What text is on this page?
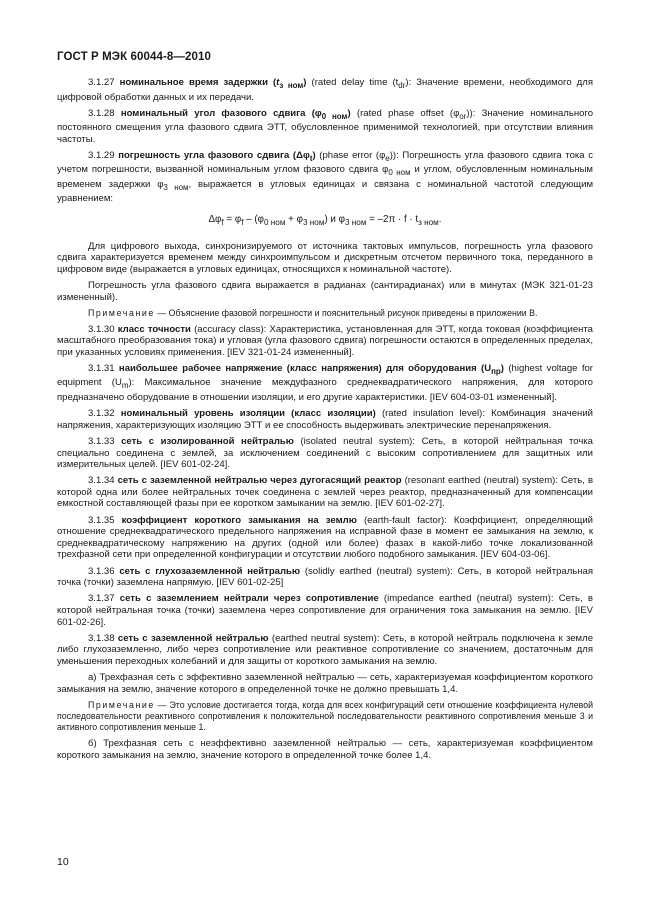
ГОСТ Р МЭК 60044-8—2010

3.1.27 номинальное время задержки $(t_{з ном})$ (rated delay time $(t_{dr})$: Значение времени, необходимого для цифровой обработки данных и их передачи.

3.1.28 номинальный угол фазового сдвига $(\varphi_{0 ном})$ (rated phase offset $(\varphi_{or})$): Значение номинального постоянного смещения угла фазового сдвига ЭТТ, обусловленное применимой технологией, при отсутствии влияния частоты.

3.1.29 погрешность угла фазового сдвига $(\Delta\varphi_t)$ (phase error $(\varphi_e)$): Погрешность угла фазового сдвига тока с учетом погрешности, вызванной номинальным углом фазового сдвига $\varphi_{0 ном}$ и углом, обусловленным номинальным временем задержки $\varphi_{3 ном}$, выражается в угловых единицах и связана с номинальной частотой следующим уравнением:

$\Delta\varphi_f = \varphi_f - (\varphi_{0 ном} + \varphi_{3 ном})$ и $\varphi_{3 ном} = -2\pi \cdot f \cdot t_{з ном}$.

Для цифрового выхода, синхронизируемого от источника тактовых импульсов, погрешность угла фазового сдвига характеризуется временем между синхроимпульсом и дискретным отсчетом первичного тока, переданного в цифровом виде (выражается в угловых единицах, относящихся к номинальной частоте).

Погрешность угла фазового сдвига выражается в радианах (сантирадианах) или в минутах (МЭК 321-01-23 измененный).

Примечание — Объяснение фазовой погрешности и пояснительный рисунок приведены в приложении В.

3.1.30 класс точности (accuracy class): Характеристика, установленная для ЭТТ, когда токовая (коэффициента масштабного преобразования тока) и угловая (угла фазового сдвига) погрешности остаются в определенных пределах, при указанных условиях применения. [IEV 321-01-24 измененный].

3.1.31 наибольшее рабочее напряжение (класс напряжения) для оборудования $(U_{пр})$ (highest voltage for equipment $(U_m)$: Максимальное значение междуфазного среднеквадратического напряжения, для которого предназначено оборудование в отношении изоляции, и его другие характеристики. [IEV 604-03-01 измененный].

3.1.32 номинальный уровень изоляции (класс изоляции) (rated insulation level): Комбинация значений напряжения, характеризующих изоляцию ЭТТ и ее способность выдерживать электрические перенапряжения.

3.1.33 сеть с изолированной нейтралью (isolated neutral system): Сеть, в которой нейтральная точка специально соединена с землей, за исключением соединений с высоким сопротивлением для защитных или измерительных целей. [IEV 601-02-24].

3.1.34 сеть с заземленной нейтралью через дугогасящий реактор (resonant earthed (neutral) system): Сеть, в которой одна или более нейтральных точек соединена с землей через реактор, предназначенный для компенсации емкостной составляющей фазы при ее коротком замыкании на землю. [IEV 601-02-27].

3.1.35 коэффициент короткого замыкания на землю (earth-fault factor): Коэффициент, определяющий отношение среднеквадратического предельного напряжения на исправной фазе в момент ее замыкания на землю, к среднеквадратическому напряжению на других (одной или более) фазах в какой-либо точке локализованной трехфазной сети при определенной конфигурации и отсутствии любого подобного замыкания. [IEV 604-03-06].

3.1.36 сеть с глухозаземленной нейтралью (solidly earthed (neutral) system): Сеть, в которой нейтральная точка (точки) заземлена напрямую. [IEV 601-02-25]

3.1.37 сеть с заземлением нейтрали через сопротивление (impedance earthed (neutral) system): Сеть, в которой нейтральная точка (точки) заземлена через сопротивление для ограничения тока замыкания на землю. [IEV 601-02-26].

3.1.38 сеть с заземленной нейтралью (earthed neutral system): Сеть, в которой нейтраль подключена к земле либо глухозаземленно, либо через сопротивление или реактивное сопротивление со значением, достаточным для уменьшения переходных колебаний и для защиты от короткого замыкания на землю.

а) Трехфазная сеть с эффективно заземленной нейтралью — сеть, характеризуемая коэффициентом короткого замыкания на землю, значение которого в определенной точке не должно превышать 1,4.

Примечание — Это условие достигается тогда, когда для всех конфигураций сети отношение коэффициента нулевой последовательности реактивного сопротивления к положительной последовательности реактивного сопротивления меньше 3 и активного сопротивления меньше 1.

б) Трехфазная сеть с неэффективно заземленной нейтралью — сеть, характеризуемая коэффициентом короткого замыкания на землю, значение которого в определенной точке более 1,4.

10
